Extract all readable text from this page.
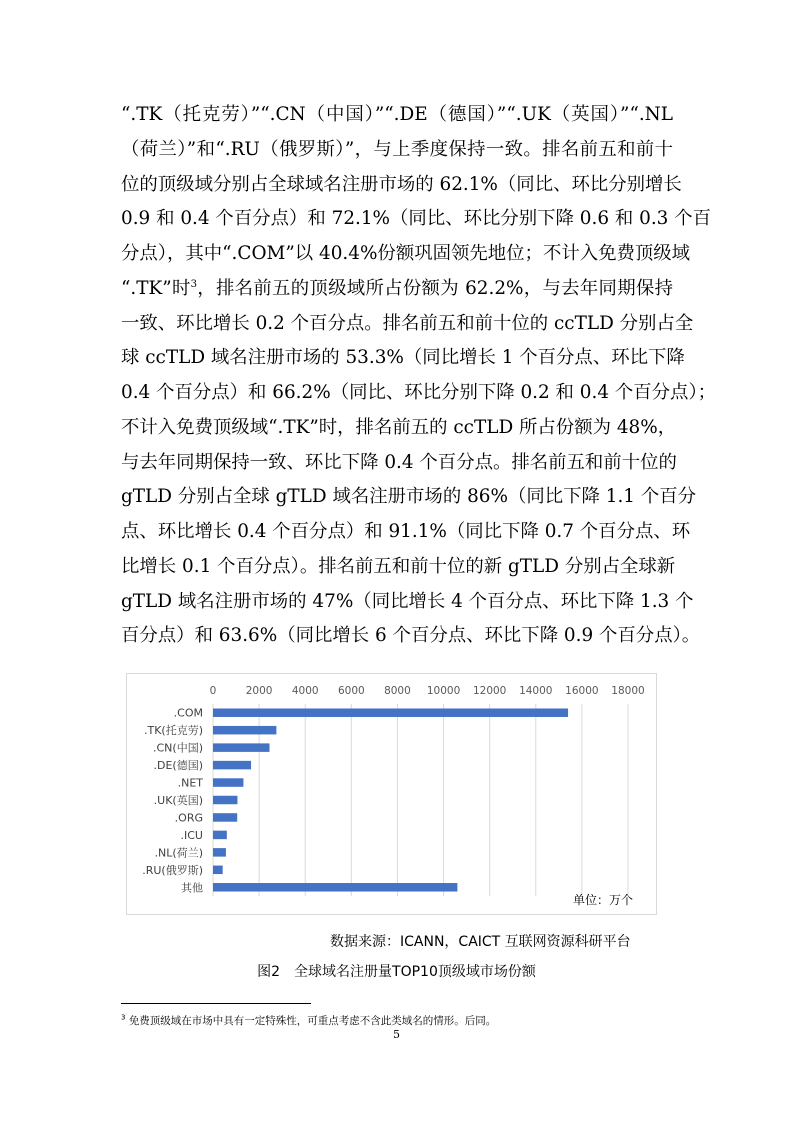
“.TK（托克劳）”“.CN（中国）”“.DE（德国）”“.UK（英国）”“.NL
（荷兰）”和“.RU（俄罗斯）”，与上季度保持一致。排名前五和前十
位的顶级域分别占全球域名注册市场的 62.1%（同比、环比分别增长
0.9 和 0.4 个百分点）和 72.1%（同比、环比分别下降 0.6 和 0.3 个百
分点），其中“.COM”以 40.4%份额巩固领先地位；不计入免费顶级域
“.TK”时$^3$，排名前五的顶级域所占份额为 62.2%，与去年同期保持
一致、环比增长 0.2 个百分点。排名前五和前十位的 ccTLD 分别占全
球 ccTLD 域名注册市场的 53.3%（同比增长 1 个百分点、环比下降
0.4 个百分点）和 66.2%（同比、环比分别下降 0.2 和 0.4 个百分点）；
不计入免费顶级域“.TK”时，排名前五的 ccTLD 所占份额为 48%，
与去年同期保持一致、环比下降 0.4 个百分点。排名前五和前十位的
gTLD 分别占全球 gTLD 域名注册市场的 86%（同比下降 1.1 个百分
点、环比增长 0.4 个百分点）和 91.1%（同比下降 0.7 个百分点、环
比增长 0.1 个百分点）。排名前五和前十位的新 gTLD 分别占全球新
gTLD 域名注册市场的 47%（同比增长 4 个百分点、环比下降 1.3 个
百分点）和 63.6%（同比增长 6 个百分点、环比下降 0.9 个百分点）。
0	2000 4000 6000 8000 10000 12000 14000 16000 18000
.COM
.TK(托克劳)
.CN(中国)
.DE(德国)
.NET
.UK(英国)
.ORG
.ICU
.NL(荷兰)
.RU(俄罗斯)
其他
单位：万个
数据来源：ICANN，CAICT 互联网资源科研平台
图2　全球域名注册量TOP10顶级域市场份额
$^3$ 免费顶级域在市场中具有一定特殊性，可重点考虑不含此类域名的情形。后同。
5
